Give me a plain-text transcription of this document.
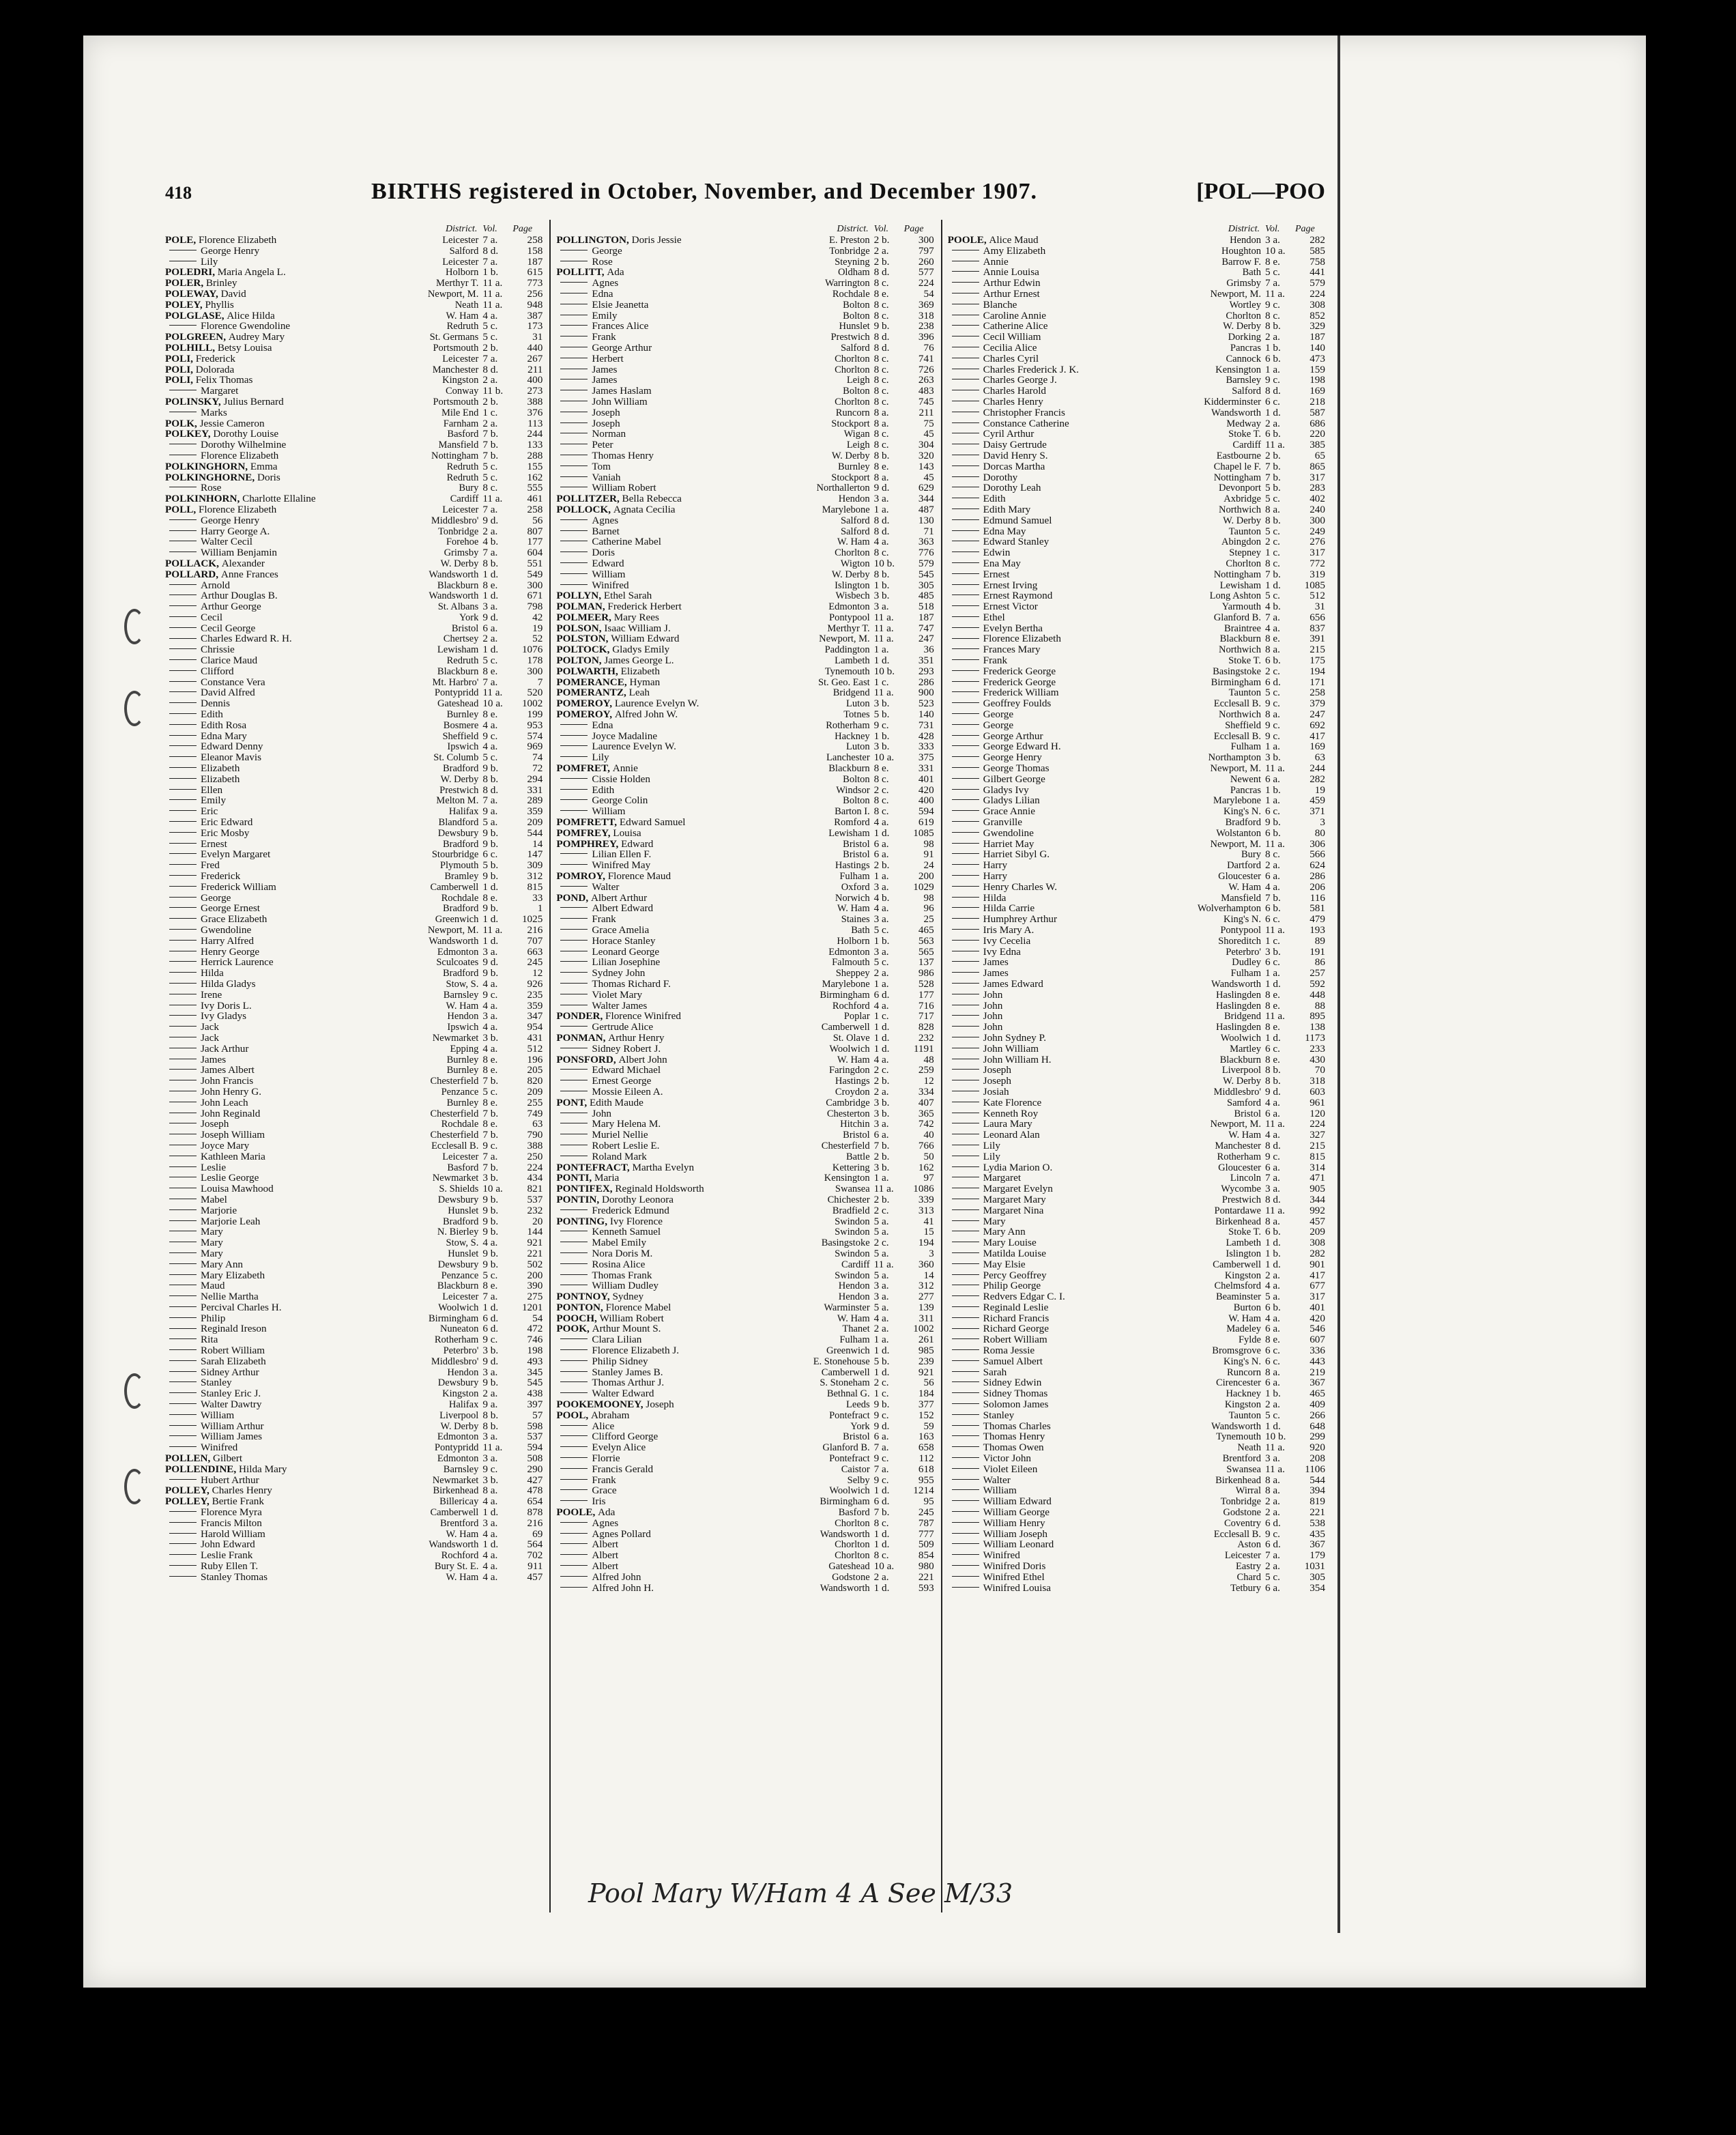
418	BIRTHS registered in October, November, and December 1907.	[POL—POO
District. Vol.	Page
POLE, Florence Elizabeth	Leicester 7 a.	258
George Henry	Salford 8 d.	158
Lily	Leicester 7 a.	187
POLEDRI, Maria Angela L.	Holborn 1 b.	615
POLER, Brinley	Merthyr T. 11 a.	773
POLEWAY, David	Newport, M. 11 a.	256
POLEY, Phyllis	Neath 11 a.	948
POLGLASE, Alice Hilda	W. Ham 4 a.	387
Florence Gwendoline	Redruth 5 c.	173
POLGREEN, Audrey Mary	St. Germans 5 c.	31
POLHILL, Betsy Louisa	Portsmouth 2 b.	440
POLI, Frederick	Leicester 7 a.	267
POLI, Dolorada	Manchester 8 d.	211
POLI, Felix Thomas	Kingston 2 a.	400
Margaret	Conway 11 b.	273
POLINSKY, Julius Bernard	Portsmouth 2 b.	388
Marks	Mile End 1 c.	376
POLK, Jessie Cameron	Farnham 2 a.	113
POLKEY, Dorothy Louise	Basford 7 b.	244
Dorothy Wilhelmine	Mansfield 7 b.	133
Florence Elizabeth	Nottingham 7 b.	288
POLKINGHORN, Emma	Redruth 5 c.	155
POLKINGHORNE, Doris	Redruth 5 c.	162
Rose	Bury 8 c.	555
POLKINHORN, Charlotte Ellaline	Cardiff 11 a.	461
POLL, Florence Elizabeth	Leicester 7 a.	258
George Henry	Middlesbro' 9 d.	56
Harry George A.	Tonbridge 2 a.	807
Walter Cecil	Forehoe 4 b.	177
William Benjamin	Grimsby 7 a.	604
POLLACK, Alexander	W. Derby 8 b.	551
POLLARD, Anne Frances	Wandsworth 1 d.	549
Arnold	Blackburn 8 e.	300
Arthur Douglas B.	Wandsworth 1 d.	671
Arthur George	St. Albans 3 a.	798
Cecil	York 9 d.	42
Cecil George	Bristol 6 a.	19
Charles Edward R. H.	Chertsey 2 a.	52
Chrissie	Lewisham 1 d.	1076
Clarice Maud	Redruth 5 c.	178
Clifford	Blackburn 8 e.	300
Constance Vera	Mt. Harbro' 7 a.	7
David Alfred	Pontypridd 11 a.	520
Dennis	Gateshead 10 a.	1002
Edith	Burnley 8 e.	199
Edith Rosa	Bosmere 4 a.	953
Edna Mary	Sheffield 9 c.	574
Edward Denny	Ipswich 4 a.	969
Eleanor Mavis	St. Columb 5 c.	74
Elizabeth	Bradford 9 b.	72
Elizabeth	W. Derby 8 b.	294
Ellen	Prestwich 8 d.	331
Emily	Melton M. 7 a.	289
Eric	Halifax 9 a.	359
Eric Edward	Blandford 5 a.	209
Eric Mosby	Dewsbury 9 b.	544
Ernest	Bradford 9 b.	14
Evelyn Margaret	Stourbridge 6 c.	147
Fred	Plymouth 5 b.	309
Frederick	Bramley 9 b.	312
Frederick William	Camberwell 1 d.	815
George	Rochdale 8 e.	33
George Ernest	Bradford 9 b.	1
Grace Elizabeth	Greenwich 1 d.	1025
Gwendoline	Newport, M. 11 a.	216
Harry Alfred	Wandsworth 1 d.	707
Henry George	Edmonton 3 a.	663
Herrick Laurence	Sculcoates 9 d.	245
Hilda	Bradford 9 b.	12
Hilda Gladys	Stow, S. 4 a.	926
Irene	Barnsley 9 c.	235
Ivy Doris L.	W. Ham 4 a.	359
Ivy Gladys	Hendon 3 a.	347
Jack	Ipswich 4 a.	954
Jack	Newmarket 3 b.	431
Jack Arthur	Epping 4 a.	512
James	Burnley 8 e.	196
James Albert	Burnley 8 e.	205
John Francis	Chesterfield 7 b.	820
John Henry G.	Penzance 5 c.	209
John Leach	Burnley 8 e.	255
John Reginald	Chesterfield 7 b.	749
Joseph	Rochdale 8 e.	63
Joseph William	Chesterfield 7 b.	790
Joyce Mary	Ecclesall B. 9 c.	388
Kathleen Maria	Leicester 7 a.	250
Leslie	Basford 7 b.	224
Leslie George	Newmarket 3 b.	434
Louisa Mawhood	S. Shields 10 a.	821
Mabel	Dewsbury 9 b.	537
Marjorie	Hunslet 9 b.	232
Marjorie Leah	Bradford 9 b.	20
Mary	N. Bierley 9 b.	144
Mary	Stow, S. 4 a.	921
Mary	Hunslet 9 b.	221
Mary Ann	Dewsbury 9 b.	502
Mary Elizabeth	Penzance 5 c.	200
Maud	Blackburn 8 e.	390
Nellie Martha	Leicester 7 a.	275
Percival Charles H.	Woolwich 1 d.	1201
Philip	Birmingham 6 d.	54
Reginald Ireson	Nuneaton 6 d.	472
Rita	Rotherham 9 c.	746
Robert William	Peterbro' 3 b.	198
Sarah Elizabeth	Middlesbro' 9 d.	493
Sidney Arthur	Hendon 3 a.	345
Stanley	Dewsbury 9 b.	545
Stanley Eric J.	Kingston 2 a.	438
Walter Dawtry	Halifax 9 a.	397
William	Liverpool 8 b.	57
William Arthur	W. Derby 8 b.	598
William James	Edmonton 3 a.	537
Winifred	Pontypridd 11 a.	594
POLLEN, Gilbert	Edmonton 3 a.	508
POLLENDINE, Hilda Mary	Barnsley 9 c.	290
Hubert Arthur	Newmarket 3 b.	427
POLLEY, Charles Henry	Birkenhead 8 a.	478
POLLEY, Bertie Frank	Billericay 4 a.	654
Florence Myra	Camberwell 1 d.	878
Francis Milton	Brentford 3 a.	216
Harold William	W. Ham 4 a.	69
John Edward	Wandsworth 1 d.	564
Leslie Frank	Rochford 4 a.	702
Ruby Ellen T.	Bury St. E. 4 a.	911
Stanley Thomas	W. Ham 4 a.	457
District. Vol.	Page
POLLINGTON, Doris Jessie	E. Preston 2 b.	300
George	Tonbridge 2 a.	797
Rose	Steyning 2 b.	260
POLLITT, Ada	Oldham 8 d.	577
Agnes	Warrington 8 c.	224
Edna	Rochdale 8 e.	54
Elsie Jeanetta	Bolton 8 c.	369
Emily	Bolton 8 c.	318
Frances Alice	Hunslet 9 b.	238
Frank	Prestwich 8 d.	396
George Arthur	Salford 8 d.	76
Herbert	Chorlton 8 c.	741
James	Chorlton 8 c.	726
James	Leigh 8 c.	263
James Haslam	Bolton 8 c.	483
John William	Chorlton 8 c.	745
Joseph	Runcorn 8 a.	211
Joseph	Stockport 8 a.	75
Norman	Wigan 8 c.	45
Peter	Leigh 8 c.	304
Thomas Henry	W. Derby 8 b.	320
Tom	Burnley 8 e.	143
Vaniah	Stockport 8 a.	45
William Robert	Northallerton 9 d.	629
POLLITZER, Bella Rebecca	Hendon 3 a.	344
POLLOCK, Agnata Cecilia	Marylebone 1 a.	487
Agnes	Salford 8 d.	130
Barnet	Salford 8 d.	71
Catherine Mabel	W. Ham 4 a.	363
Doris	Chorlton 8 c.	776
Edward	Wigton 10 b.	579
William	W. Derby 8 b.	545
Winifred	Islington 1 b.	305
POLLYN, Ethel Sarah	Wisbech 3 b.	485
POLMAN, Frederick Herbert	Edmonton 3 a.	518
POLMEER, Mary Rees	Pontypool 11 a.	187
POLSON, Isaac William J.	Merthyr T. 11 a.	747
POLSTON, William Edward	Newport, M. 11 a.	247
POLTOCK, Gladys Emily	Paddington 1 a.	36
POLTON, James George L.	Lambeth 1 d.	351
POLWARTH, Elizabeth	Tynemouth 10 b.	293
POMERANCE, Hyman	St. Geo. East 1 c.	286
POMERANTZ, Leah	Bridgend 11 a.	900
POMEROY, Laurence Evelyn W.	Luton 3 b.	523
POMEROY, Alfred John W.	Totnes 5 b.	140
Edna	Rotherham 9 c.	731
Joyce Madaline	Hackney 1 b.	428
Laurence Evelyn W.	Luton 3 b.	333
Lily	Lanchester 10 a.	375
POMFRET, Annie	Blackburn 8 e.	331
Cissie Holden	Bolton 8 c.	401
Edith	Windsor 2 c.	420
George Colin	Bolton 8 c.	400
William	Barton I. 8 c.	594
POMFRETT, Edward Samuel	Romford 4 a.	619
POMFREY, Louisa	Lewisham 1 d.	1085
POMPHREY, Edward	Bristol 6 a.	98
Lilian Ellen F.	Bristol 6 a.	91
Winifred May	Hastings 2 b.	24
POMROY, Florence Maud	Fulham 1 a.	200
Walter	Oxford 3 a.	1029
POND, Albert Arthur	Norwich 4 b.	98
Albert Edward	W. Ham 4 a.	96
Frank	Staines 3 a.	25
Grace Amelia	Bath 5 c.	465
Horace Stanley	Holborn 1 b.	563
Leonard George	Edmonton 3 a.	565
Lilian Josephine	Falmouth 5 c.	137
Sydney John	Sheppey 2 a.	986
Thomas Richard F.	Marylebone 1 a.	528
Violet Mary	Birmingham 6 d.	177
Walter James	Rochford 4 a.	716
PONDER, Florence Winifred	Poplar 1 c.	717
Gertrude Alice	Camberwell 1 d.	828
PONMAN, Arthur Henry	St. Olave 1 d.	232
Sidney Robert J.	Woolwich 1 d.	1191
PONSFORD, Albert John	W. Ham 4 a.	48
Edward Michael	Faringdon 2 c.	259
Ernest George	Hastings 2 b.	12
Mossie Eileen A.	Croydon 2 a.	334
PONT, Edith Maude	Cambridge 3 b.	407
John	Chesterton 3 b.	365
Mary Helena M.	Hitchin 3 a.	742
Muriel Nellie	Bristol 6 a.	40
Robert Leslie E.	Chesterfield 7 b.	766
Roland Mark	Battle 2 b.	50
PONTEFRACT, Martha Evelyn	Kettering 3 b.	162
PONTI, Maria	Kensington 1 a.	97
PONTIFEX, Reginald Holdsworth	Swansea 11 a.	1086
PONTIN, Dorothy Leonora	Chichester 2 b.	339
Frederick Edmund	Bradfield 2 c.	313
PONTING, Ivy Florence	Swindon 5 a.	41
Kenneth Samuel	Swindon 5 a.	15
Mabel Emily	Basingstoke 2 c.	194
Nora Doris M.	Swindon 5 a.	3
Rosina Alice	Cardiff 11 a.	360
Thomas Frank	Swindon 5 a.	14
William Dudley	Hendon 3 a.	312
PONTNOY, Sydney	Hendon 3 a.	277
PONTON, Florence Mabel	Warminster 5 a.	139
POOCH, William Robert	W. Ham 4 a.	311
POOK, Arthur Mount S.	Thanet 2 a.	1002
Clara Lilian	Fulham 1 a.	261
Florence Elizabeth J.	Greenwich 1 d.	985
Philip Sidney	E. Stonehouse 5 b.	239
Stanley James B.	Camberwell 1 d.	921
Thomas Arthur J.	S. Stoneham 2 c.	56
Walter Edward	Bethnal G. 1 c.	184
POOKEMOONEY, Joseph	Leeds 9 b.	377
POOL, Abraham	Pontefract 9 c.	152
Alice	York 9 d.	59
Clifford George	Bristol 6 a.	163
Evelyn Alice	Glanford B. 7 a.	658
Florrie	Pontefract 9 c.	112
Francis Gerald	Caistor 7 a.	618
Frank	Selby 9 c.	955
Grace	Woolwich 1 d.	1214
Iris	Birmingham 6 d.	95
POOLE, Ada	Basford 7 b.	245
Agnes	Chorlton 8 c.	787
Agnes Pollard	Wandsworth 1 d.	777
Albert	Chorlton 1 d.	509
Albert	Chorlton 8 c.	854
Albert	Gateshead 10 a.	980
Alfred John	Godstone 2 a.	221
Alfred John H.	Wandsworth 1 d.	593
District. Vol.	Page
POOLE, Alice Maud	Hendon 3 a.	282
Amy Elizabeth	Houghton 10 a.	585
Annie	Barrow F. 8 e.	758
Annie Louisa	Bath 5 c.	441
Arthur Edwin	Grimsby 7 a.	579
Arthur Ernest	Newport, M. 11 a.	224
Blanche	Wortley 9 c.	308
Caroline Annie	Chorlton 8 c.	852
Catherine Alice	W. Derby 8 b.	329
Cecil William	Dorking 2 a.	187
Cecilia Alice	Pancras 1 b.	140
Charles Cyril	Cannock 6 b.	473
Charles Frederick J. K.	Kensington 1 a.	159
Charles George J.	Barnsley 9 c.	198
Charles Harold	Salford 8 d.	169
Charles Henry	Kidderminster 6 c.	218
Christopher Francis	Wandsworth 1 d.	587
Constance Catherine	Medway 2 a.	686
Cyril Arthur	Stoke T. 6 b.	220
Daisy Gertrude	Cardiff 11 a.	385
David Henry S.	Eastbourne 2 b.	65
Dorcas Martha	Chapel le F. 7 b.	865
Dorothy	Nottingham 7 b.	317
Dorothy Leah	Devonport 5 b.	283
Edith	Axbridge 5 c.	402
Edith Mary	Northwich 8 a.	240
Edmund Samuel	W. Derby 8 b.	300
Edna May	Taunton 5 c.	249
Edward Stanley	Abingdon 2 c.	276
Edwin	Stepney 1 c.	317
Ena May	Chorlton 8 c.	772
Ernest	Nottingham 7 b.	319
Ernest Irving	Lewisham 1 d.	1085
Ernest Raymond	Long Ashton 5 c.	512
Ernest Victor	Yarmouth 4 b.	31
Ethel	Glanford B. 7 a.	656
Evelyn Bertha	Braintree 4 a.	837
Florence Elizabeth	Blackburn 8 e.	391
Frances Mary	Northwich 8 a.	215
Frank	Stoke T. 6 b.	175
Frederick George	Basingstoke 2 c.	194
Frederick George	Birmingham 6 d.	171
Frederick William	Taunton 5 c.	258
Geoffrey Foulds	Ecclesall B. 9 c.	379
George	Northwich 8 a.	247
George	Sheffield 9 c.	692
George Arthur	Ecclesall B. 9 c.	417
George Edward H.	Fulham 1 a.	169
George Henry	Northampton 3 b.	63
George Thomas	Newport, M. 11 a.	244
Gilbert George	Newent 6 a.	282
Gladys Ivy	Pancras 1 b.	19
Gladys Lilian	Marylebone 1 a.	459
Grace Annie	King's N. 6 c.	371
Granville	Bradford 9 b.	3
Gwendoline	Wolstanton 6 b.	80
Harriet May	Newport, M. 11 a.	306
Harriet Sibyl G.	Bury 8 c.	566
Harry	Dartford 2 a.	624
Harry	Gloucester 6 a.	286
Henry Charles W.	W. Ham 4 a.	206
Hilda	Mansfield 7 b.	116
Hilda Carrie	Wolverhampton 6 b.	581
Humphrey Arthur	King's N. 6 c.	479
Iris Mary A.	Pontypool 11 a.	193
Ivy Cecelia	Shoreditch 1 c.	89
Ivy Edna	Peterbro' 3 b.	191
James	Dudley 6 c.	86
James	Fulham 1 a.	257
James Edward	Wandsworth 1 d.	592
John	Haslingden 8 e.	448
John	Haslingden 8 e.	88
John	Bridgend 11 a.	895
John	Haslingden 8 e.	138
John Sydney P.	Woolwich 1 d.	1173
John William	Martley 6 c.	233
John William H.	Blackburn 8 e.	430
Joseph	Liverpool 8 b.	70
Joseph	W. Derby 8 b.	318
Josiah	Middlesbro' 9 d.	603
Kate Florence	Samford 4 a.	961
Kenneth Roy	Bristol 6 a.	120
Laura Mary	Newport, M. 11 a.	224
Leonard Alan	W. Ham 4 a.	327
Lily	Manchester 8 d.	215
Lily	Rotherham 9 c.	815
Lydia Marion O.	Gloucester 6 a.	314
Margaret	Lincoln 7 a.	471
Margaret Evelyn	Wycombe 3 a.	905
Margaret Mary	Prestwich 8 d.	344
Margaret Nina	Pontardawe 11 a.	992
Mary	Birkenhead 8 a.	457
Mary Ann	Stoke T. 6 b.	209
Mary Louise	Lambeth 1 d.	308
Matilda Louise	Islington 1 b.	282
May Elsie	Camberwell 1 d.	901
Percy Geoffrey	Kingston 2 a.	417
Philip George	Chelmsford 4 a.	677
Redvers Edgar C. I.	Beaminster 5 a.	317
Reginald Leslie	Burton 6 b.	401
Richard Francis	W. Ham 4 a.	420
Richard George	Madeley 6 a.	546
Robert William	Fylde 8 e.	607
Roma Jessie	Bromsgrove 6 c.	336
Samuel Albert	King's N. 6 c.	443
Sarah	Runcorn 8 a.	219
Sidney Edwin	Cirencester 6 a.	367
Sidney Thomas	Hackney 1 b.	465
Solomon James	Kingston 2 a.	409
Stanley	Taunton 5 c.	266
Thomas Charles	Wandsworth 1 d.	648
Thomas Henry	Tynemouth 10 b.	299
Thomas Owen	Neath 11 a.	920
Victor John	Brentford 3 a.	208
Violet Eileen	Swansea 11 a.	1106
Walter	Birkenhead 8 a.	544
William	Wirral 8 a.	394
William Edward	Tonbridge 2 a.	819
William George	Godstone 2 a.	221
William Henry	Coventry 6 d.	538
William Joseph	Ecclesall B. 9 c.	435
William Leonard	Aston 6 d.	367
Winifred	Leicester 7 a.	179
Winifred Doris	Eastry 2 a.	1031
Winifred Ethel	Chard 5 c.	305
Winifred Louisa	Tetbury 6 a.	354
Pool Mary W/Ham 4 A See M/33
